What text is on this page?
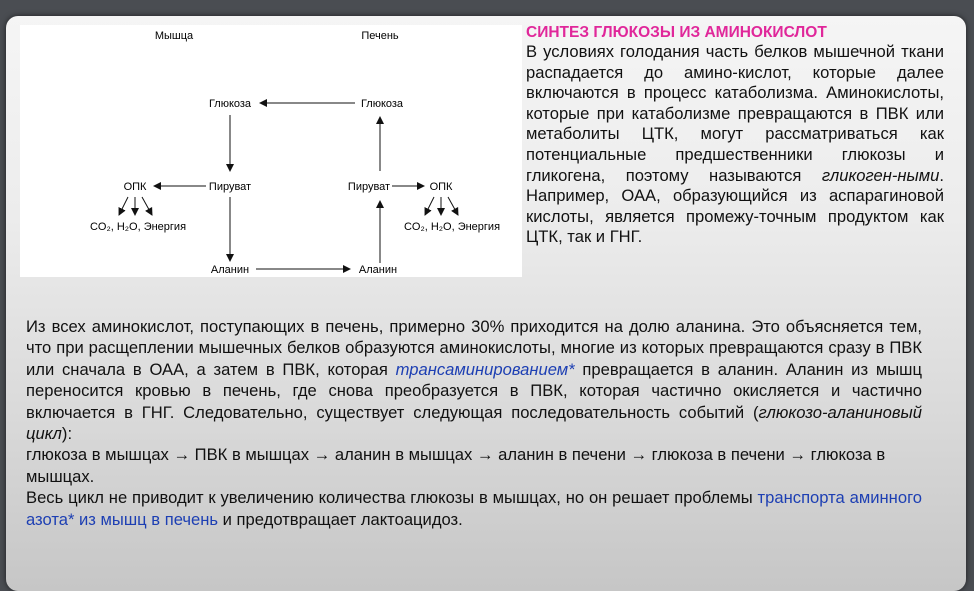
Мышца	Печень
Глюкоза	Глюкоза
Пируват
ОПК	Пируват	ОПК
CO₂, H₂O, Энергия	CO₂, H₂O, Энергия
Аланин	Аланин
СИНТЕЗ ГЛЮКОЗЫ ИЗ АМИНОКИСЛОТ
В условиях голодания часть белков мышечной ткани распадается до амино-кислот, которые далее включаются в процесс катаболизма. Аминокислоты, которые при катаболизме превращаются в ПВК или метаболиты ЦТК, могут рассматриваться как потенциальные предшественники глюкозы и гликогена, поэтому называются гликоген-ными. Например, ОАА, образующийся из аспарагиновой кислоты, является промежу-точным продуктом как ЦТК, так и ГНГ.

Из всех аминокислот, поступающих в печень, примерно 30% приходится на долю аланина. Это объясняется тем, что при расщеплении мышечных белков образуются аминокислоты, многие из которых превращаются сразу в ПВК или сначала в ОАА, а затем в ПВК, которая трансаминированием* превращается в аланин. Аланин из мышц переносится кровью в печень, где снова преобразуется в ПВК, которая частично окисляется и частично включается в ГНГ. Следовательно, существует следующая последовательность событий (глюкозо-аланиновый цикл):

глюкоза в мышцах → ПВК в мышцах → аланин в мышцах → аланин в печени → глюкоза в печени → глюкоза в мышцах.

Весь цикл не приводит к увеличению количества глюкозы в мышцах, но он решает проблемы транспорта аминного азота* из мышц в печень и предотвращает лактоацидоз.
